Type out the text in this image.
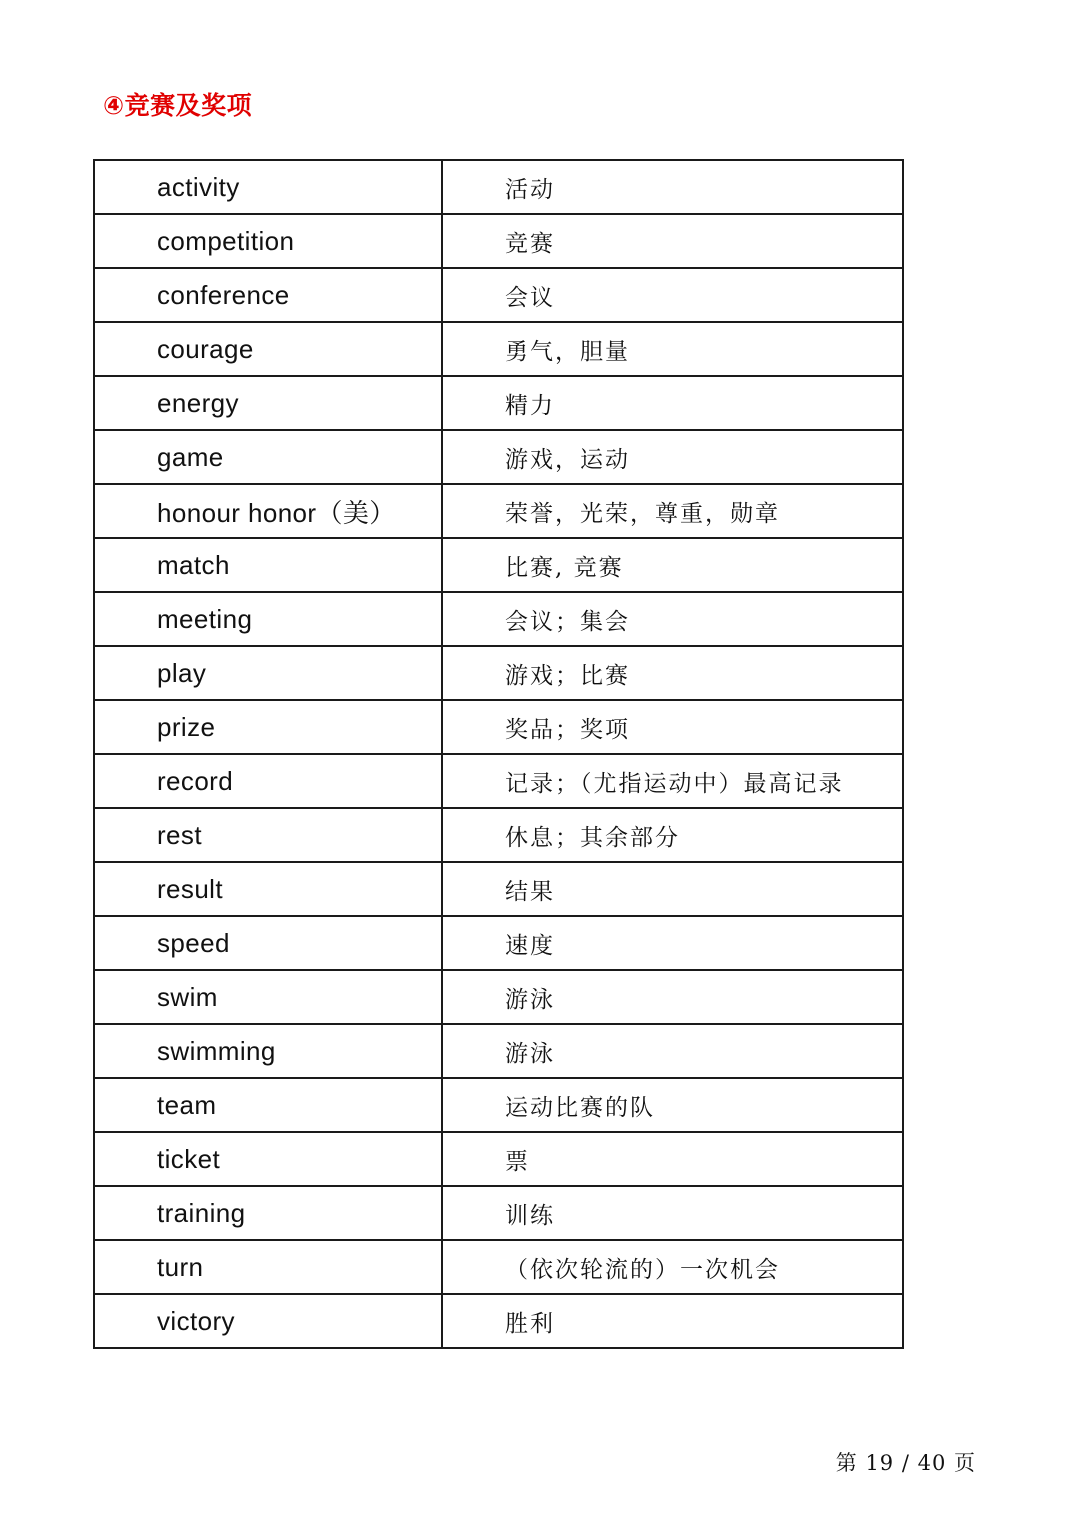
④竞赛及奖项
activity	活动
competition	竞赛
conference	会议
courage	勇气，胆量
energy	精力
game	游戏，运动
honour honor（美）	荣誉，光荣，尊重，勋章
match	比赛, 竞赛
meeting	会议；集会
play	游戏；比赛
prize	奖品；奖项
record	记录；（尤指运动中）最高记录
rest	休息；其余部分
result	结果
speed	速度
swim	游泳
swimming	游泳
team	运动比赛的队
ticket	票
training	训练
turn	（依次轮流的）一次机会
victory	胜利
第 19 / 40 页
